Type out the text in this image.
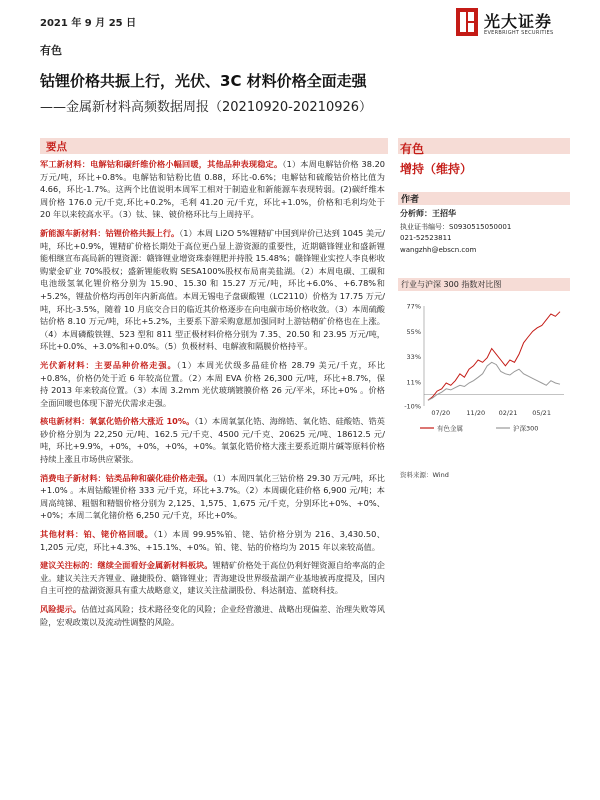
2021 年 9 月 25 日	光大证券
EVERBRIGHT SECURITIES
有色
钴锂价格共振上行，光伏、3C 材料价格全面走强
——金属新材料高频数据周报（20210920-20210926）
要点

军工新材料：电解钴和碳纤维价格小幅回暖，其他品种表现稳定。（1）本周电解钴价格 38.20 万元/吨，环比+0.8%。电解钴和钴粉比值 0.88，环比-0.6%；电解钴和硫酸钴价格比值为 4.66，环比-1.7%。这两个比值说明本周军工相对于制造业和新能源车表现转弱。(2)碳纤维本周价格 176.0 元/千克,环比+0.2%，毛利 41.20 元/千克，环比+1.0%，价格和毛利均处于 20 年以来较高水平。（3）钛、铼、铍价格环比与上周持平。

新能源车新材料：钴锂价格共振上行。（1）本周 Li2O 5%锂精矿中国到岸价已达到 1045 美元/吨，环比+0.9%，锂精矿价格长期处于高位更凸显上游资源的重要性，近期赣锋锂业和盛新锂能相继宣布高局新的锂资源：赣锋锂业增资珠泰锂肥并持股 15.48%；赣锋锂业实控人李良彬收购蒙金矿业 70%股权；盛新锂能收购 SESA100%股权布局南美盐湖。（2）本周电碳、工碳和电池级氢氧化锂价格分别为 15.90、15.30 和 15.27 万元/吨，环比+6.0%、+6.78%和+5.2%，锂盐价格均再创年内新高值。本周无锡电子盘碳酸锂（LC2110）价格为 17.75 万元/吨，环比-3.5%，随着 10 月底交合日的临近其价格逐步在向电碳市场价格收敛。（3）本周硫酸钴价格 8.10 万元/吨，环比+5.2%，主要系下游采购意愿加强同时上游钴精矿价格也在上涨。（4）本周磷酸铁锂、523 型和 811 型正极材料价格分别为 7.35、20.50 和 23.95 万元/吨，环比+0.0%、+3.0%和+0.0%。（5）负极材料、电解液和隔膜价格持平。

光伏新材料：主要品种价格走强。（1）本周光伏级多晶硅价格 28.79 美元/千克，环比+0.8%，价格仍处于近 6 年较高位置。（2）本周 EVA 价格 26,300 元/吨，环比+8.7%，保持 2013 年来较高位置。（3）本周 3.2mm 光伏玻璃镀膜价格 26 元/平米，环比+0% 。价格全面回暖也体现下游光伏需求走强。

核电新材料：氧氯化锆价格大涨近 10%。（1）本周氧氯化锆、海绵锆、氧化锆、硅酸锆、锆英砂价格分别为 22,250 元/吨、162.5 元/千克、4500 元/千克、20625 元/吨、18612.5 元/吨，环比+9.9%，+0%，+0%，+0%，+0%。氧氯化锆价格大涨主要系近期片碱等原料价格持续上涨且市场供应紧张。

消费电子新材料：钴类品种和碳化硅价格走强。（1）本周四氧化三钴价格 29.30 万元/吨，环比+1.0% 。本周钴酸锂价格 333 元/千克，环比+3.7%。（2）本周碳化硅价格 6,900 元/吨；本周高纯锑、粗铟和精铟价格分别为 2,125、1,575、1,675 元/千克，分别环比+0%、+0%、+0%；本周二氧化锗价格 6,250 元/千克，环比+0%。

其他材料：铂、铑价格回暖。（1）本周 99.95%铂、铑、钴价格分别为 216、3,430.50、1,205 元/克，环比+4.3%、+15.1%、+0%。铂、铑、钴的价格均为 2015 年以来较高值。

建议关注标的：继续全面看好金属新材料板块。锂精矿价格处于高位仍利好锂资源自给率高的企业。建议关注天齐锂业、融捷股份、赣锋锂业；青海建设世界级盐湖产业基地被再度提及，国内自主可控的盐湖资源具有重大战略意义，建议关注盐湖股份、科达制造、蓝晓科技。

风险提示。估值过高风险；技术路径变化的风险；企业经营激进、战略出现偏差、治理失败等风险，宏观政策以及流动性调整的风险。

有色
增持（维持）
作者
分析师：王招华
执业证书编号：S0930515050001
021-52523811
wangzhh@ebscn.com
行业与沪深 300 指数对比图
77%
55%
33%
11%
-10%
07/20	11/20 02/21 05/21
有色金属	沪深300
资料来源：Wind
